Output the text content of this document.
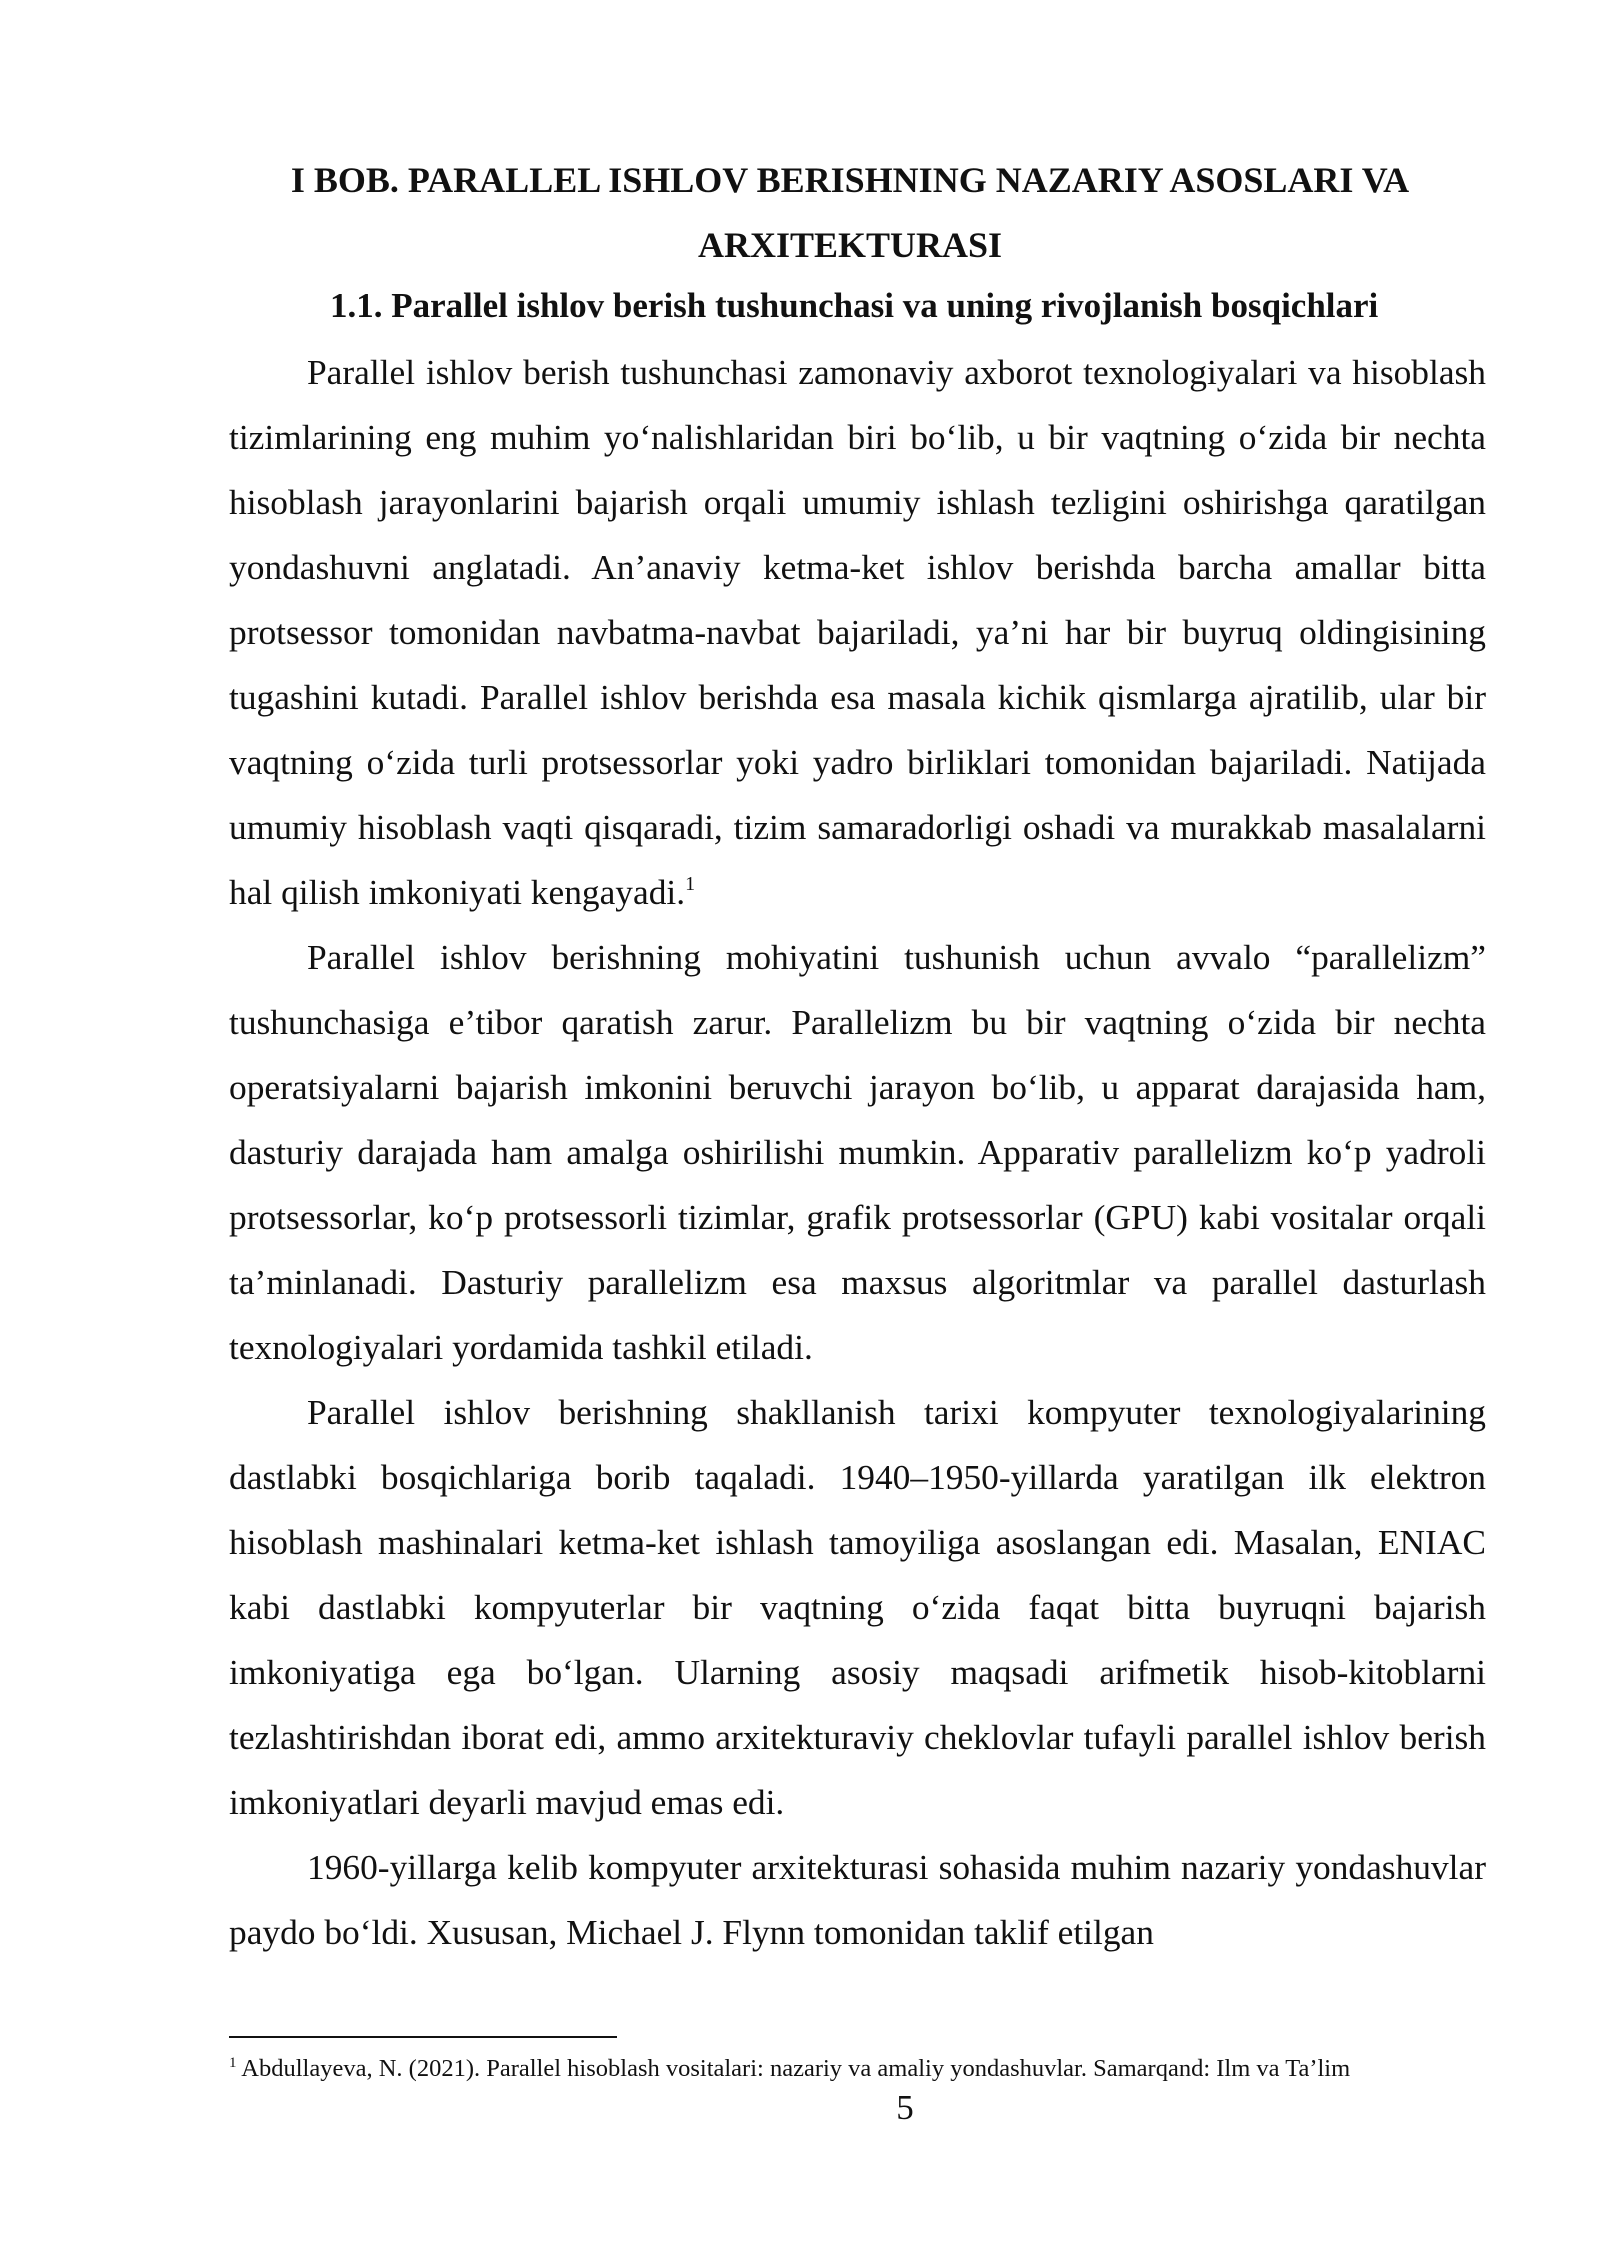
I BOB. PARALLEL ISHLOV BERISHNING NAZARIY ASOSLARI VA ARXITEKTURASI
1.1. Parallel ishlov berish tushunchasi va uning rivojlanish bosqichlari

Parallel ishlov berish tushunchasi zamonaviy axborot texnologiyalari va hisoblash tizimlarining eng muhim yo‘nalishlaridan biri bo‘lib, u bir vaqtning o‘zida bir nechta hisoblash jarayonlarini bajarish orqali umumiy ishlash tezligini oshirishga qaratilgan yondashuvni anglatadi. An’anaviy ketma-ket ishlov berishda barcha amallar bitta protsessor tomonidan navbatma-navbat bajariladi, ya’ni har bir buyruq oldingisining tugashini kutadi. Parallel ishlov berishda esa masala kichik qismlarga ajratilib, ular bir vaqtning o‘zida turli protsessorlar yoki yadro birliklari tomonidan bajariladi. Natijada umumiy hisoblash vaqti qisqaradi, tizim samaradorligi oshadi va murakkab masalalarni hal qilish imkoniyati kengayadi.$^1$

Parallel ishlov berishning mohiyatini tushunish uchun avvalo “parallelizm” tushunchasiga e’tibor qaratish zarur. Parallelizm bu bir vaqtning o‘zida bir nechta operatsiyalarni bajarish imkonini beruvchi jarayon bo‘lib, u apparat darajasida ham, dasturiy darajada ham amalga oshirilishi mumkin. Apparativ parallelizm ko‘p yadroli protsessorlar, ko‘p protsessorli tizimlar, grafik protsessorlar (GPU) kabi vositalar orqali ta’minlanadi. Dasturiy parallelizm esa maxsus algoritmlar va parallel dasturlash texnologiyalari yordamida tashkil etiladi.

Parallel ishlov berishning shakllanish tarixi kompyuter texnologiyalarining dastlabki bosqichlariga borib taqaladi. 1940–1950-yillarda yaratilgan ilk elektron hisoblash mashinalari ketma-ket ishlash tamoyiliga asoslangan edi. Masalan, ENIAC kabi dastlabki kompyuterlar bir vaqtning o‘zida faqat bitta buyruqni bajarish imkoniyatiga ega bo‘lgan. Ularning asosiy maqsadi arifmetik hisob-kitoblarni tezlashtirishdan iborat edi, ammo arxitekturaviy cheklovlar tufayli parallel ishlov berish imkoniyatlari deyarli mavjud emas edi.

1960-yillarga kelib kompyuter arxitekturasi sohasida muhim nazariy yondashuvlar paydo bo‘ldi. Xususan, Michael J. Flynn tomonidan taklif etilgan

$^1$ Abdullayeva, N. (2021). Parallel hisoblash vositalari: nazariy va amaliy yondashuvlar. Samarqand: Ilm va Ta’lim

5
